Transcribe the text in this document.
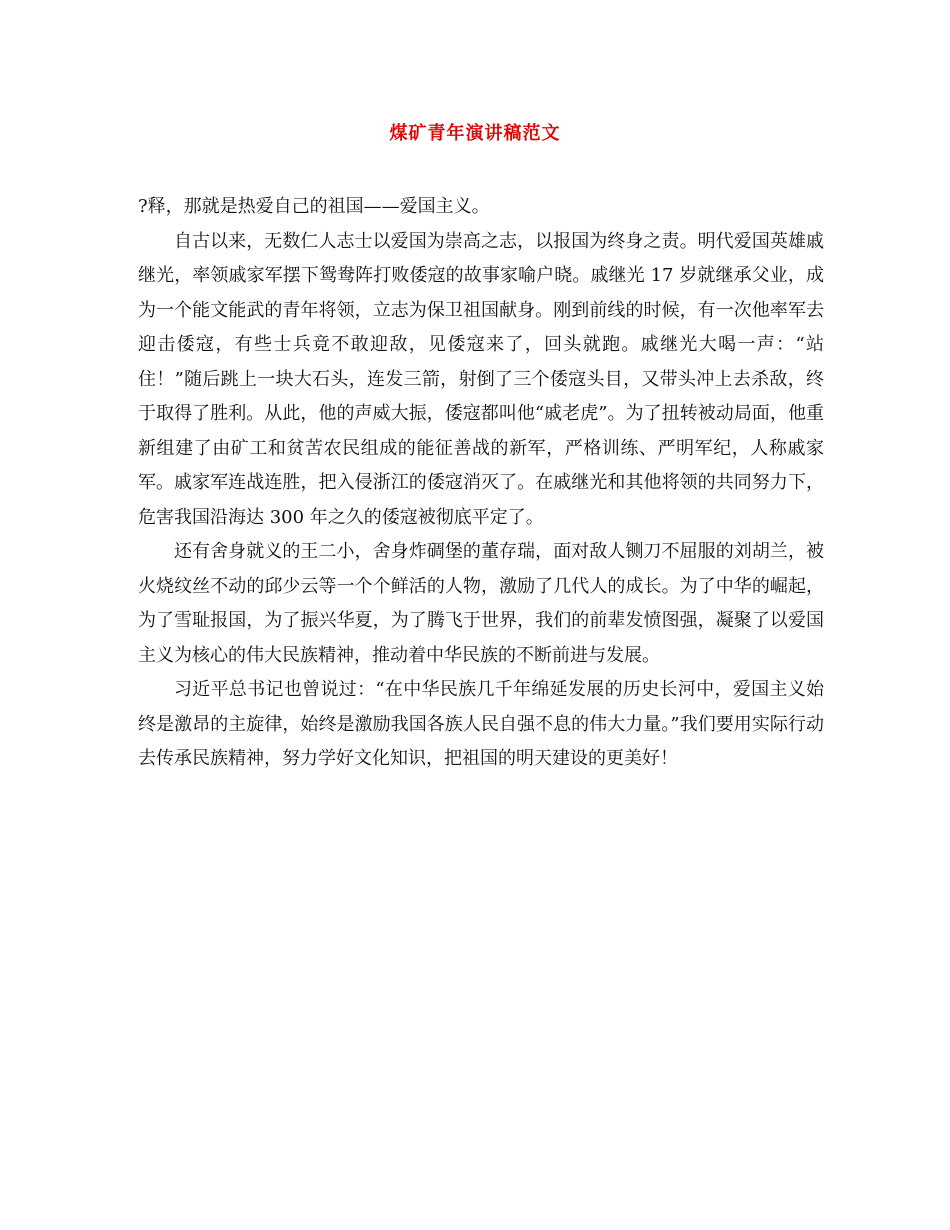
煤矿青年演讲稿范文

?释，那就是热爱自己的祖国——爱国主义。

自古以来，无数仁人志士以爱国为崇高之志，以报国为终身之责。明代爱国英雄戚继光，率领戚家军摆下鸳鸯阵打败倭寇的故事家喻户晓。戚继光 17 岁就继承父业，成为一个能文能武的青年将领，立志为保卫祖国献身。刚到前线的时候，有一次他率军去迎击倭寇，有些士兵竟不敢迎敌，见倭寇来了，回头就跑。戚继光大喝一声：“站住！”随后跳上一块大石头，连发三箭，射倒了三个倭寇头目，又带头冲上去杀敌，终于取得了胜利。从此，他的声威大振，倭寇都叫他“戚老虎”。为了扭转被动局面，他重新组建了由矿工和贫苦农民组成的能征善战的新军，严格训练、严明军纪，人称戚家军。戚家军连战连胜，把入侵浙江的倭寇消灭了。在戚继光和其他将领的共同努力下，危害我国沿海达 300 年之久的倭寇被彻底平定了。

还有舍身就义的王二小，舍身炸碉堡的董存瑞，面对敌人铡刀不屈服的刘胡兰，被火烧纹丝不动的邱少云等一个个鲜活的人物，激励了几代人的成长。为了中华的崛起，为了雪耻报国，为了振兴华夏，为了腾飞于世界，我们的前辈发愤图强，凝聚了以爱国主义为核心的伟大民族精神，推动着中华民族的不断前进与发展。

习近平总书记也曾说过：“在中华民族几千年绵延发展的历史长河中，爱国主义始终是激昂的主旋律，始终是激励我国各族人民自强不息的伟大力量。”我们要用实际行动去传承民族精神，努力学好文化知识，把祖国的明天建设的更美好！
